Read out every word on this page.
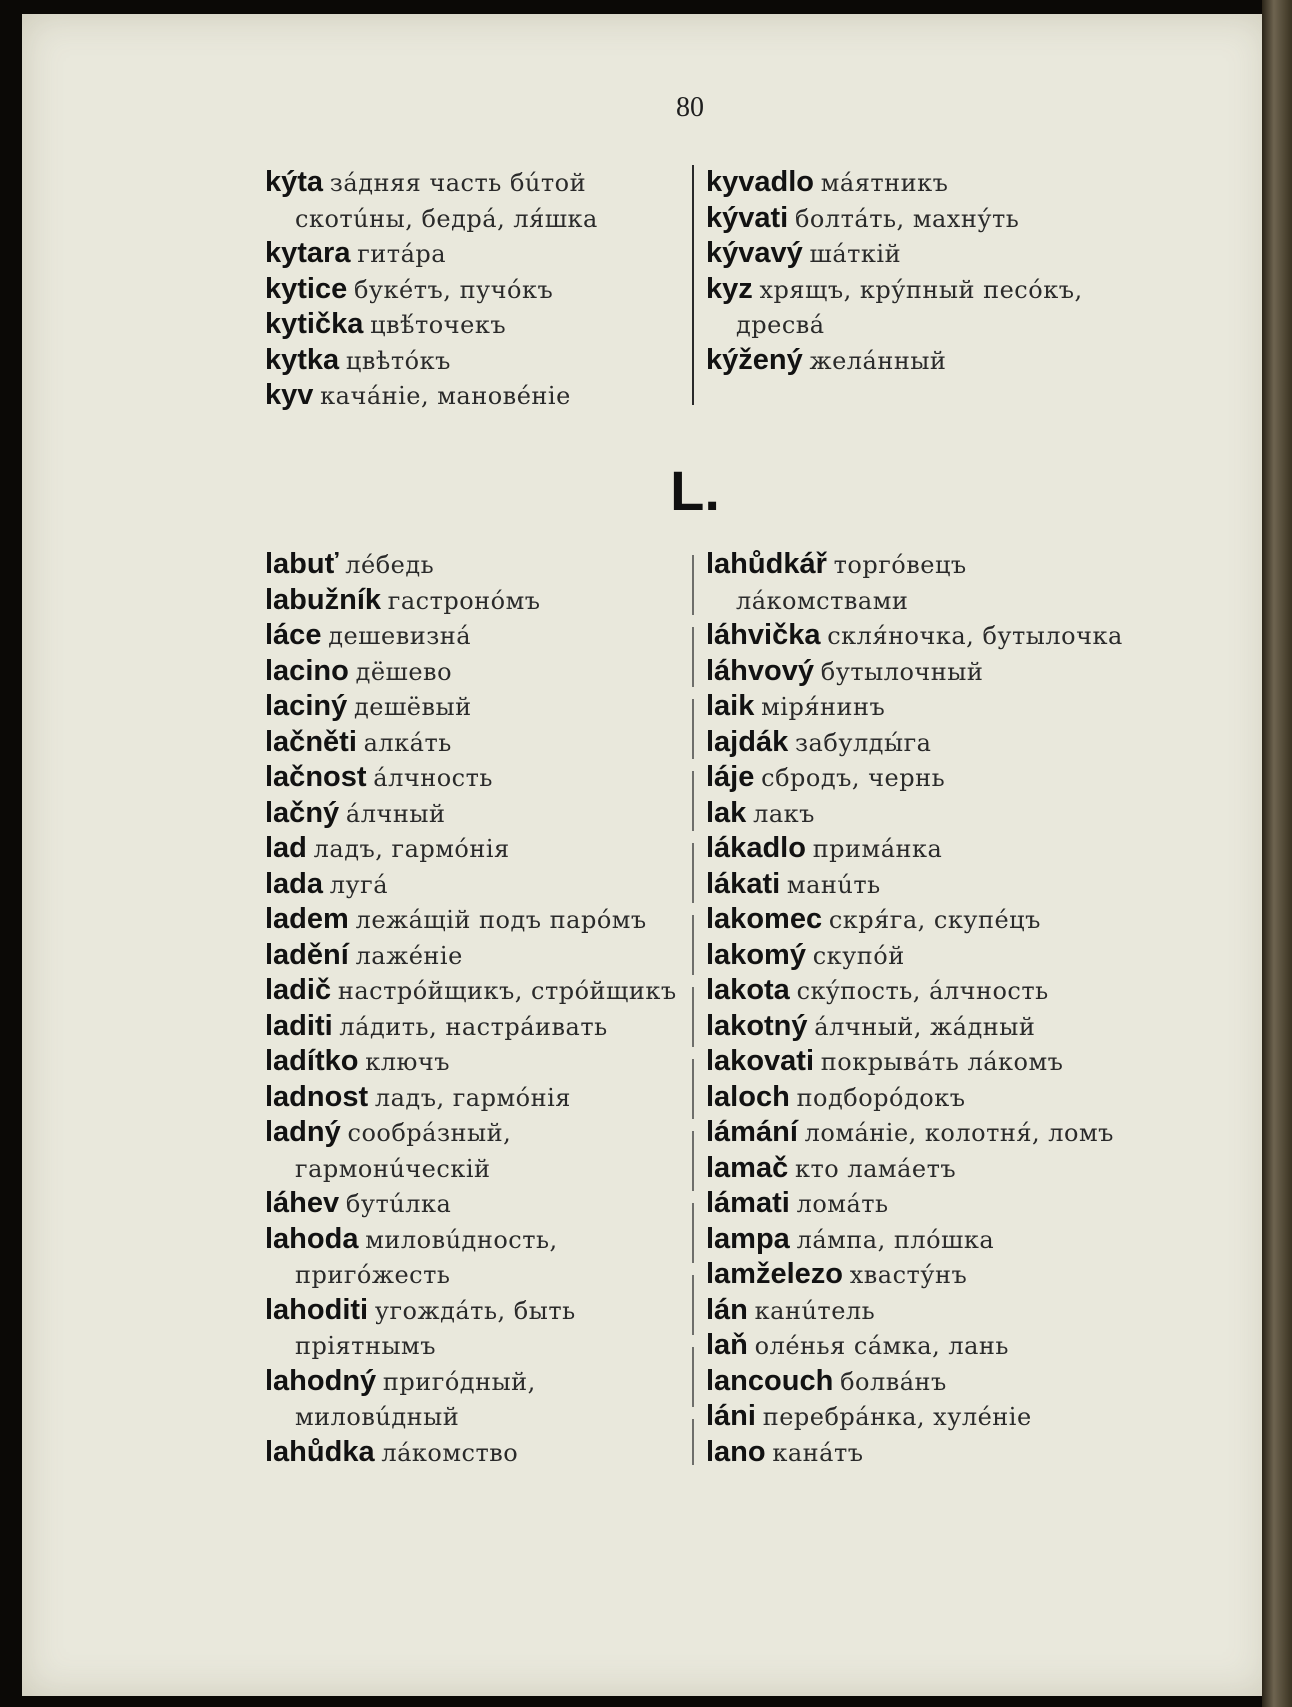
80

kýta зáдняя часть бúтой скотúны, бедрá, ля́шка

kytara гитáра

kytice букéтъ, пучóкъ

kytička цвѣ́точекъ

kytka цвѣтóкъ

kyv качáніе, мановéніе

kyvadlo мáятникъ

kývati болтáть, махну́ть

kývavý шáткій

kyz хрящъ, кру́пный песóкъ, дресвá

kýžený желáнный

L.

labuť лéбедь

labužník гастронóмъ

láce дешевизнá

lacino дёшево

laciný дешёвый

lačněti алкáть

lačnost áлчность

lačný áлчный

lad ладъ, гармóнія

lada лугá

ladem лежáщій подъ парóмъ

ladění лажéніе

ladič настрóйщикъ, стрóйщикъ

laditi лáдить, настрáивать

ladítko ключъ

ladnost ладъ, гармóнія

ladný сообрáзный, гармонúческій

láhev бутúлка

lahoda миловúдность, пригóжесть

lahoditi угождáть, быть пріятнымъ

lahodný пригóдный, миловúдный

lahůdka лáкомство

lahůdkář торгóвецъ лáкомствами

láhvička скля́ночка, бутылочка

láhvový бутылочный

laik міря́нинъ

lajdák забулды́га

láje сбродъ, чернь

lak лакъ

lákadlo примáнка

lákati манúть

lakomec скря́га, скупéцъ

lakomý скупóй

lakota скýпость, áлчность

lakotný áлчный, жáдный

lakovati покрывáть лáкомъ

laloch подборóдокъ

lámání ломáніе, колотня́, ломъ

lamač кто ламáетъ

lámati ломáть

lampa лáмпа, плóшка

lamželezo хвасту́нъ

lán канúтель

laň олéнья сáмка, лань

lancouch болвáнъ

láni перебрáнка, хулéніе

lano канáтъ
